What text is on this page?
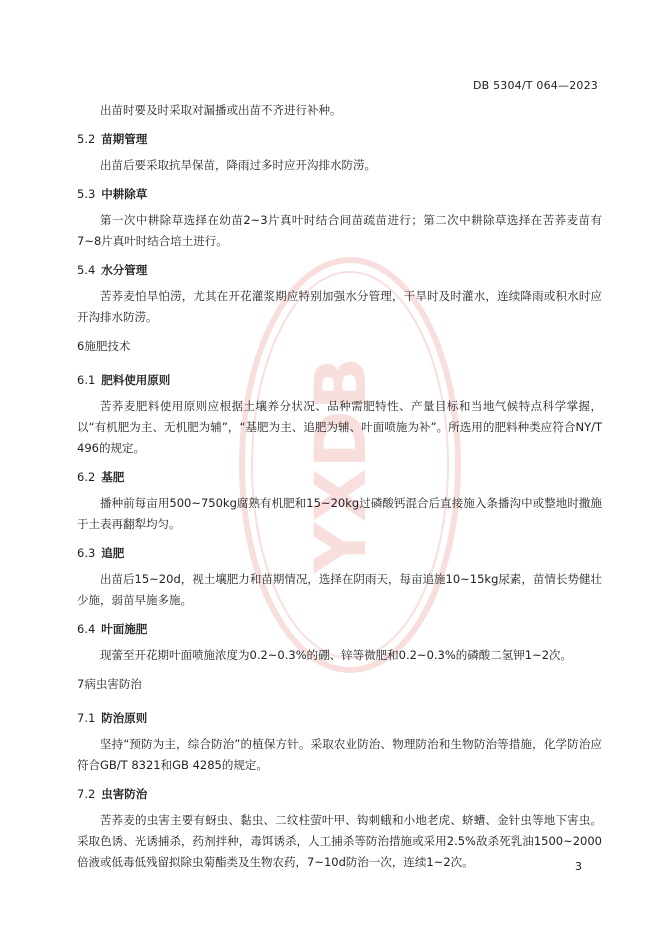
DB 5304/T 064—2023
YXDB

出苗时要及时采取对漏播或出苗不齐进行补种。

5.2 苗期管理

出苗后要采取抗旱保苗，降雨过多时应开沟排水防涝。

5.3 中耕除草

第一次中耕除草选择在幼苗2~3片真叶时结合间苗疏苗进行；第二次中耕除草选择在苦荞麦苗有7~8片真叶时结合培土进行。

5.4 水分管理

苦荞麦怕旱怕涝，尤其在开花灌浆期应特别加强水分管理，干旱时及时灌水，连续降雨或积水时应开沟排水防涝。

6施肥技术
6.1 肥料使用原则

苦荞麦肥料使用原则应根据土壤养分状况、品种需肥特性、产量目标和当地气候特点科学掌握，以“有机肥为主、无机肥为辅”，“基肥为主、追肥为辅、叶面喷施为补”。所选用的肥料种类应符合NY/T 496的规定。

6.2 基肥

播种前每亩用500~750kg腐熟有机肥和15~20kg过磷酸钙混合后直接施入条播沟中或整地时撒施于土表再翻犁均匀。

6.3 追肥

出苗后15~20d，视土壤肥力和苗期情况，选择在阴雨天，每亩追施10~15kg尿素，苗情长势健壮少施，弱苗早施多施。

6.4 叶面施肥

现蕾至开花期叶面喷施浓度为0.2~0.3%的硼、锌等微肥和0.2~0.3%的磷酸二氢钾1~2次。

7病虫害防治
7.1 防治原则

坚持“预防为主，综合防治”的植保方针。采取农业防治、物理防治和生物防治等措施，化学防治应符合GB/T 8321和GB 4285的规定。

7.2 虫害防治

苦荞麦的虫害主要有蚜虫、黏虫、二纹柱萤叶甲、钩刺蛾和小地老虎、蛴螬、金针虫等地下害虫。采取色诱、光诱捕杀，药剂拌种，毒饵诱杀，人工捕杀等防治措施或采用2.5%敌杀死乳油1500~2000倍液或低毒低残留拟除虫菊酯类及生物农药，7~10d防治一次，连续1~2次。	3
